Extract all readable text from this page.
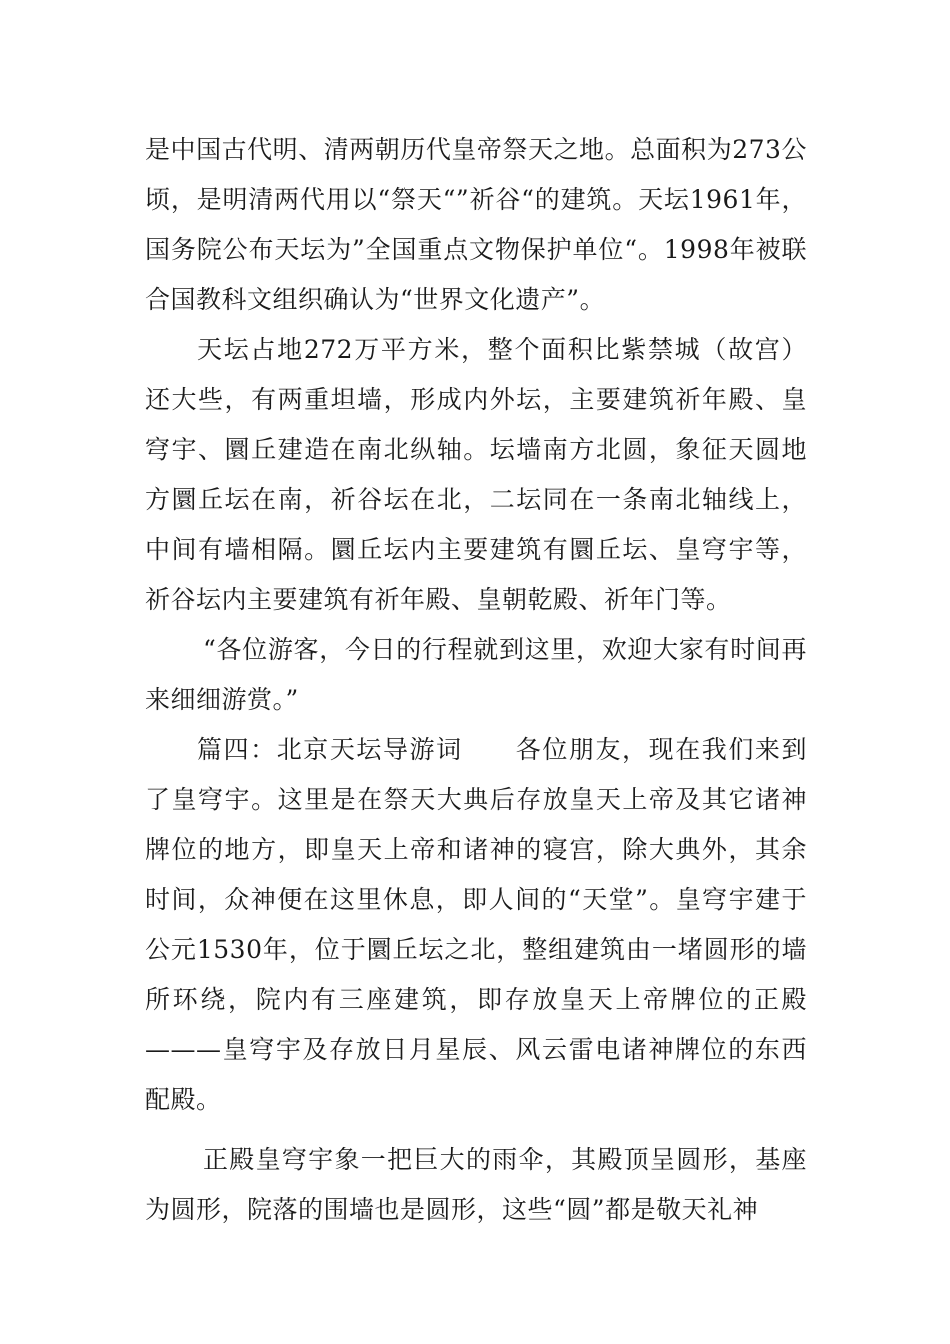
是中国古代明、清两朝历代皇帝祭天之地。总面积为273公顷，是明清两代用以“祭天“”祈谷“的建筑。天坛1961年，国务院公布天坛为”全国重点文物保护单位“。1998年被联合国教科文组织确认为“世界文化遗产”。

天坛占地272万平方米，整个面积比紫禁城（故宫）还大些，有两重坦墙，形成内外坛，主要建筑祈年殿、皇穹宇、圜丘建造在南北纵轴。坛墙南方北圆，象征天圆地方圜丘坛在南，祈谷坛在北，二坛同在一条南北轴线上，中间有墙相隔。圜丘坛内主要建筑有圜丘坛、皇穹宇等，祈谷坛内主要建筑有祈年殿、皇朝乾殿、祈年门等。

“各位游客，今日的行程就到这里，欢迎大家有时间再来细细游赏。”

篇四：北京天坛导游词 各位朋友，现在我们来到了皇穹宇。这里是在祭天大典后存放皇天上帝及其它诸神牌位的地方，即皇天上帝和诸神的寝宫，除大典外，其余时间，众神便在这里休息，即人间的“天堂”。皇穹宇建于公元1530年，位于圜丘坛之北，整组建筑由一堵圆形的墙所环绕，院内有三座建筑，即存放皇天上帝牌位的正殿———皇穹宇及存放日月星辰、风云雷电诸神牌位的东西配殿。

正殿皇穹宇象一把巨大的雨伞，其殿顶呈圆形，基座为圆形，院落的围墙也是圆形，这些“圆”都是敬天礼神
